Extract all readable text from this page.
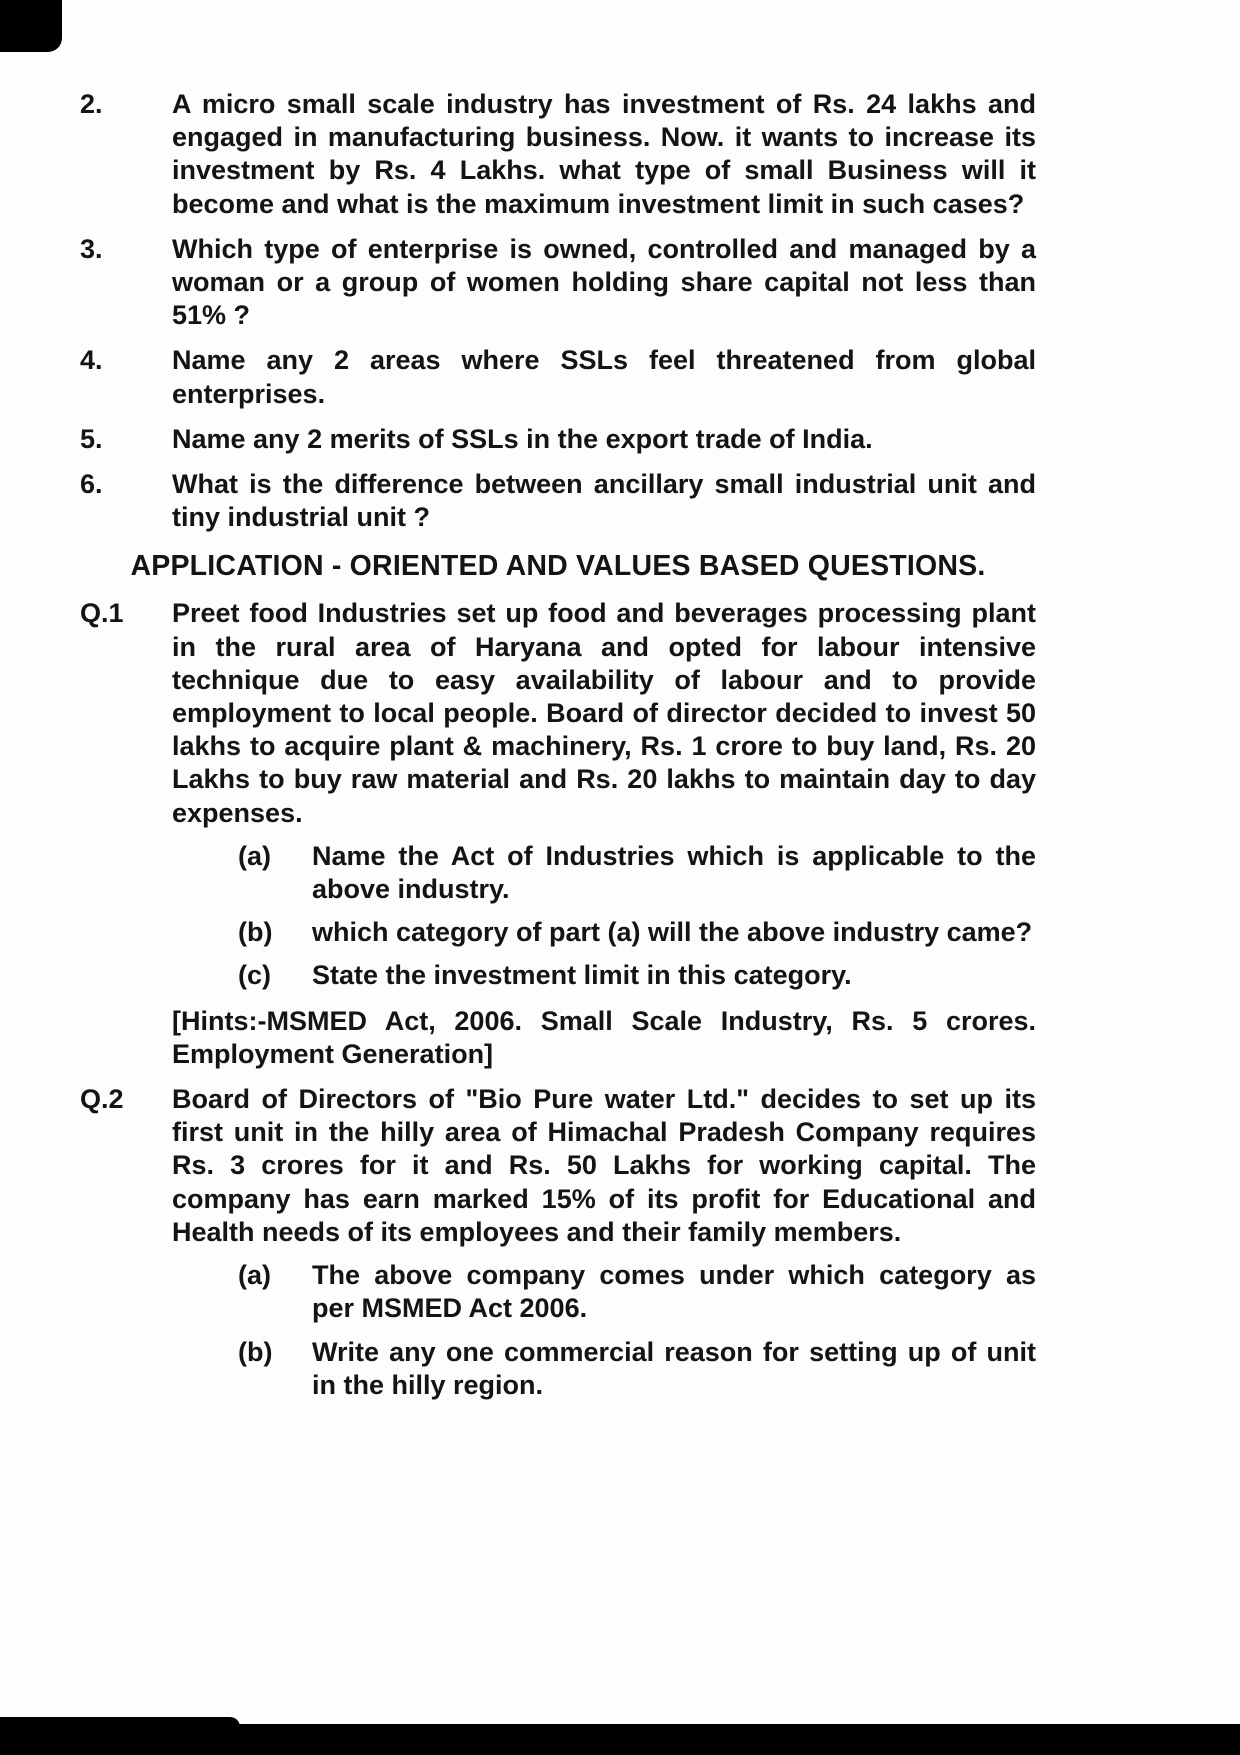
2.	A micro small scale industry has investment of Rs. 24 lakhs and engaged in manufacturing business. Now. it wants to increase its investment by Rs. 4 Lakhs. what type of small Business will it become and what is the maximum investment limit in such cases?
3.	Which type of enterprise is owned, controlled and managed by a woman or a group of women holding share capital not less than 51% ?
4.	Name any 2 areas where SSLs feel threatened from global enterprises.
5.	Name any 2 merits of SSLs in the export trade of India.
6.	What is the difference between ancillary small industrial unit and tiny industrial unit ?
APPLICATION - ORIENTED AND VALUES BASED QUESTIONS.
Q.1	Preet food Industries set up food and beverages processing plant in the rural area of Haryana and opted for labour intensive technique due to easy availability of labour and to provide employment to local people. Board of director decided to invest 50 lakhs to acquire plant & machinery, Rs. 1 crore to buy land, Rs. 20 Lakhs to buy raw material and Rs. 20 lakhs to maintain day to day expenses.
(a)	Name the Act of Industries which is applicable to the above industry.
(b)	which category of part (a) will the above industry came?
(c)	State the investment limit in this category.
[Hints:-MSMED Act, 2006. Small Scale Industry, Rs. 5 crores. Employment Generation]
Q.2	Board of Directors of "Bio Pure water Ltd." decides to set up its first unit in the hilly area of Himachal Pradesh Company requires Rs. 3 crores for it and Rs. 50 Lakhs for working capital. The company has earn marked 15% of its profit for Educational and Health needs of its employees and their family members.
(a)	The above company comes under which category as per MSMED Act 2006.
(b)	Write any one commercial reason for setting up of unit in the hilly region.
